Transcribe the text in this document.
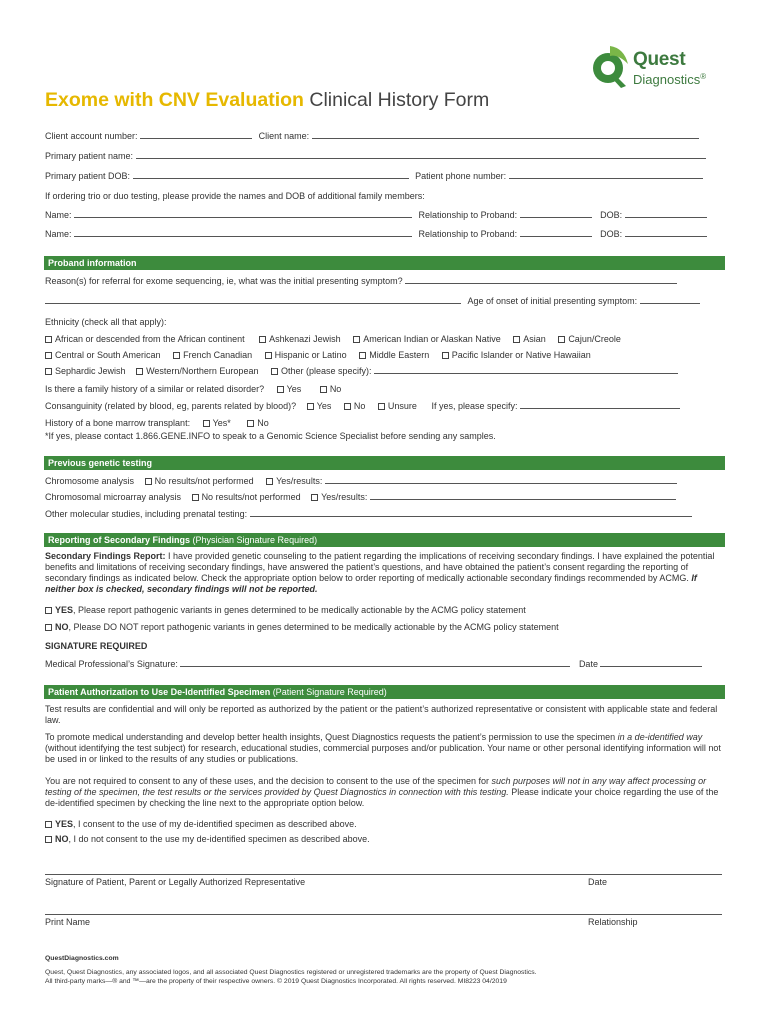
Quest
Diagnostics®
Exome with CNV Evaluation Clinical History Form
Client account number:	Client name:
Primary patient name:
Primary patient DOB:	Patient phone number:
If ordering trio or duo testing, please provide the names and DOB of additional family members:
Name:	Relationship to Proband:	DOB:
Name:	Relationship to Proband:	DOB:
Proband information
Reason(s) for referral for exome sequencing, ie, what was the initial presenting symptom?
Age of onset of initial presenting symptom:
Ethnicity (check all that apply):
African or descended from the African continent	Ashkenazi Jewish	American Indian or Alaskan Native	Asian	Cajun/Creole
Central or South American	French Canadian	Hispanic or Latino	Middle Eastern	Pacific Islander or Native Hawaiian
Sephardic Jewish Western/Northern European	Other (please specify):
Is there a family history of a similar or related disorder?	Yes	No
Consanguinity (related by blood, eg, parents related by blood)? Yes	No	Unsure If yes, please specify:
History of a bone marrow transplant:	Yes*	No
*If yes, please contact 1.866.GENE.INFO to speak to a Genomic Science Specialist before sending any samples.
Previous genetic testing
Chromosome analysis No results/not performed	Yes/results:
Chromosomal microarray analysis No results/not performed Yes/results:
Other molecular studies, including prenatal testing:
Reporting of Secondary Findings (Physician Signature Required)
Secondary Findings Report: I have provided genetic counseling to the patient regarding the implications of receiving secondary findings. I have explained the potential benefits and limitations of receiving secondary findings, have answered the patient’s questions, and have obtained the patient’s consent regarding the reporting of secondary findings as indicated below. Check the appropriate option below to order reporting of medically actionable secondary findings recommended by ACMG. If neither box is checked, secondary findings will not be reported.
YES, Please report pathogenic variants in genes determined to be medically actionable by the ACMG policy statement
NO, Please DO NOT report pathogenic variants in genes determined to be medically actionable by the ACMG policy statement
SIGNATURE REQUIRED
Medical Professional’s Signature:	Date
Patient Authorization to Use De-Identified Specimen (Patient Signature Required)
Test results are confidential and will only be reported as authorized by the patient or the patient’s authorized representative or consistent with applicable state and federal law.
To promote medical understanding and develop better health insights, Quest Diagnostics requests the patient’s permission to use the specimen in a de-identified way (without identifying the test subject) for research, educational studies, commercial purposes and/or publication. Your name or other personal identifying information will not be used in or linked to the results of any studies or publications.
You are not required to consent to any of these uses, and the decision to consent to the use of the specimen for such purposes will not in any way affect processing or testing of the specimen, the test results or the services provided by Quest Diagnostics in connection with this testing. Please indicate your choice regarding the use of the de-identified specimen by checking the line next to the appropriate option below.
YES, I consent to the use of my de-identified specimen as described above.
NO, I do not consent to the use my de-identified specimen as described above.
Signature of Patient, Parent or Legally Authorized Representative	Date
Print Name	Relationship
QuestDiagnostics.com
Quest, Quest Diagnostics, any associated logos, and all associated Quest Diagnostics registered or unregistered trademarks are the property of Quest Diagnostics.
All third-party marks—® and ™—are the property of their respective owners. © 2019 Quest Diagnostics Incorporated. All rights reserved. MI8223 04/2019
